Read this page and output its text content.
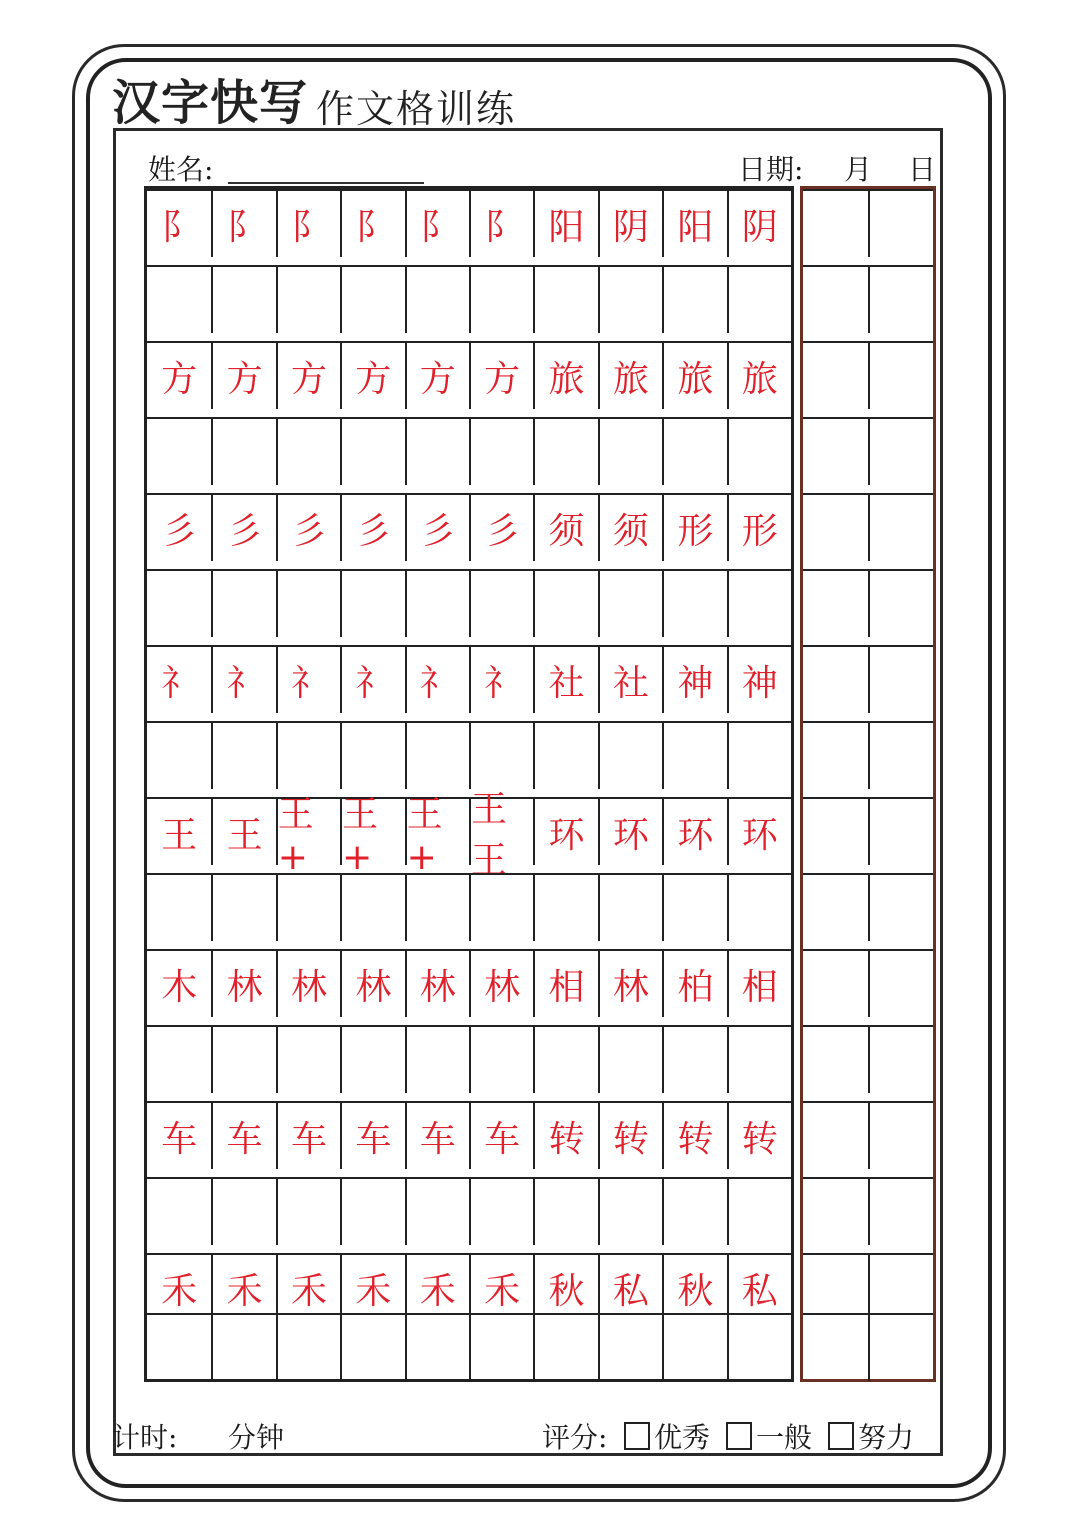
汉字快写 作文格训练
姓名:	日期: 月 日
阝 阝 阝 阝 阝 阝 阳 阴 阳 阴
方 方 方 方 方 方 旅 旅 旅 旅
彡 彡 彡 彡 彡 彡 须 须 形 形
礻 礻 礻 礻 礻 礻 社 社 神 神
王 王 王+
王+
王+
王王
环 环 环 环
木 林 林 林 林 林 相 林 柏 相
车 车 车 车 车 车 转 转 转 转
禾 禾 禾 禾 禾 禾 秋 私 秋 私
计时: 分钟	评分: 优秀 一般 努力
